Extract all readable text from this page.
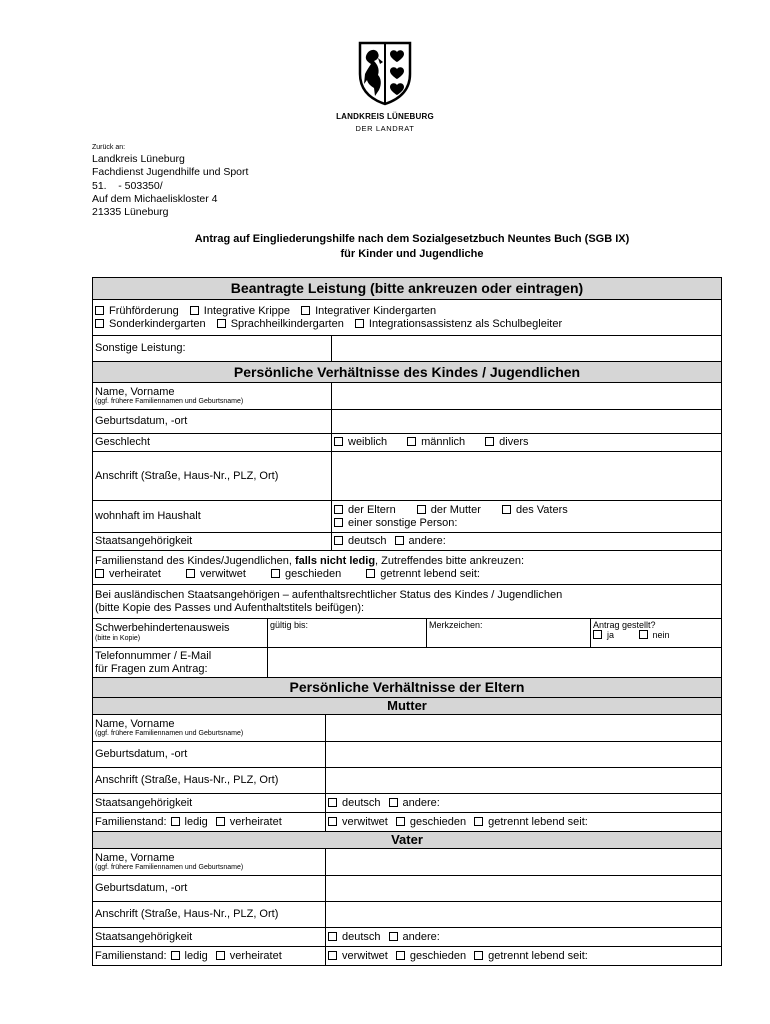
LANDKREIS LÜNEBURG
DER LANDRAT
Zurück an:
Landkreis Lüneburg
Fachdienst Jugendhilfe und Sport
51.    - 503350/
Auf dem Michaeliskloster 4
21335 Lüneburg
Antrag auf Eingliederungshilfe nach dem Sozialgesetzbuch Neuntes Buch (SGB IX)
für Kinder und Jugendliche
Beantragte Leistung (bitte ankreuzen oder eintragen)
Frühförderung Integrative Krippe Integrativer Kindergarten
Sonderkindergarten Sprachheilkindergarten Integrationsassistenz als Schulbegleiter
Sonstige Leistung:
Persönliche Verhältnisse des Kindes / Jugendlichen
Name, Vorname
(ggf. frühere Familiennamen und Geburtsname)
Geburtsdatum, -ort
Geschlecht	weiblich	männlich	divers
Anschrift (Straße, Haus-Nr., PLZ, Ort)
wohnhaft im Haushalt
der Eltern	der Mutter	des Vaters
einer sonstige Person:
Staatsangehörigkeit	deutsch	andere:
Familienstand des Kindes/Jugendlichen, falls nicht ledig, Zutreffendes bitte ankreuzen:
verheiratet	verwitwet	geschieden	getrennt lebend seit:
Bei ausländischen Staatsangehörigen – aufenthaltsrechtlicher Status des Kindes / Jugendlichen
(bitte Kopie des Passes und Aufenthaltstitels beifügen):
Schwerbehindertenausweis
(bitte in Kopie)
gültig bis:	Merkzeichen:	Antrag gestellt?
ja	nein
Telefonnummer / E-Mail
für Fragen zum Antrag:
Persönliche Verhältnisse der Eltern
Mutter
Name, Vorname
(ggf. frühere Familiennamen und Geburtsname)
Geburtsdatum, -ort
Anschrift (Straße, Haus-Nr., PLZ, Ort)
Staatsangehörigkeit	deutsch	andere:
Familienstand:	ledig	verheiratet	verwitwet	geschieden	getrennt lebend seit:
Vater
Name, Vorname
(ggf. frühere Familiennamen und Geburtsname)
Geburtsdatum, -ort
Anschrift (Straße, Haus-Nr., PLZ, Ort)
Staatsangehörigkeit	deutsch	andere:
Familienstand:	ledig	verheiratet	verwitwet	geschieden	getrennt lebend seit:
